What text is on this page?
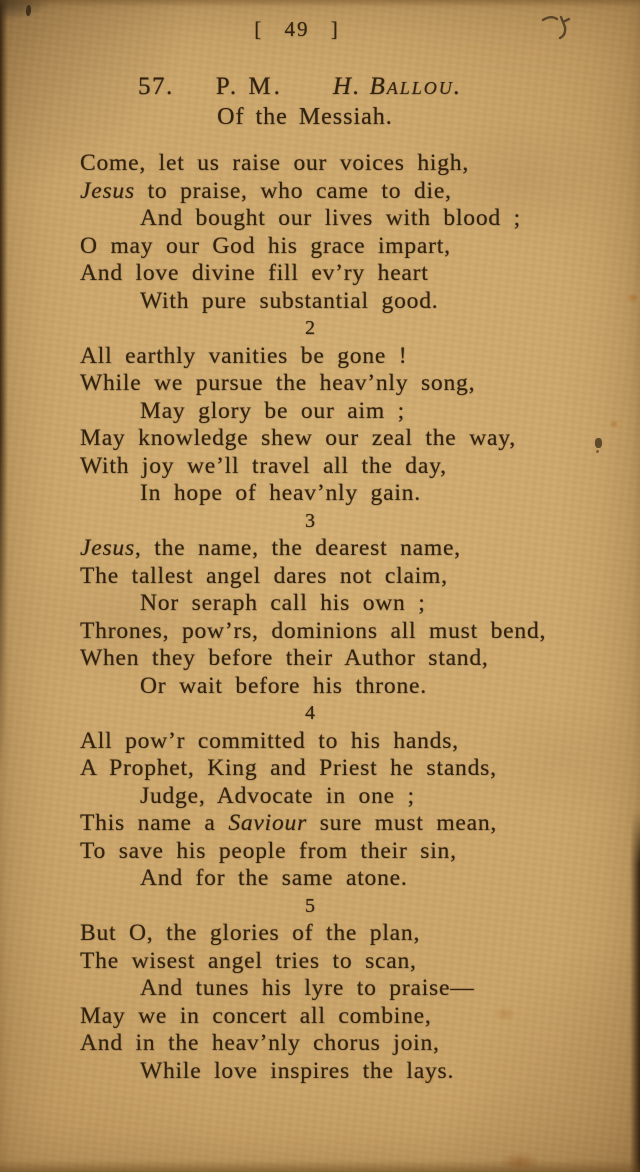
[ 49 ]
57. P. M. H. Ballou.
Of the Messiah.
Come, let us raise our voices high,
Jesus to praise, who came to die,
And bought our lives with blood ;
O may our God his grace impart,
And love divine fill ev’ry heart
With pure substantial good.
2
All earthly vanities be gone !
While we pursue the heav’nly song,
May glory be our aim ;
May knowledge shew our zeal the way,
With joy we’ll travel all the day,
In hope of heav’nly gain.
3
Jesus, the name, the dearest name,
The tallest angel dares not claim,
Nor seraph call his own ;
Thrones, pow’rs, dominions all must bend,
When they before their Author stand,
Or wait before his throne.
4
All pow’r committed to his hands,
A Prophet, King and Priest he stands,
Judge, Advocate in one ;
This name a Saviour sure must mean,
To save his people from their sin,
And for the same atone.
5
But O, the glories of the plan,
The wisest angel tries to scan,
And tunes his lyre to praise—
May we in concert all combine,
And in the heav’nly chorus join,
While love inspires the lays.
